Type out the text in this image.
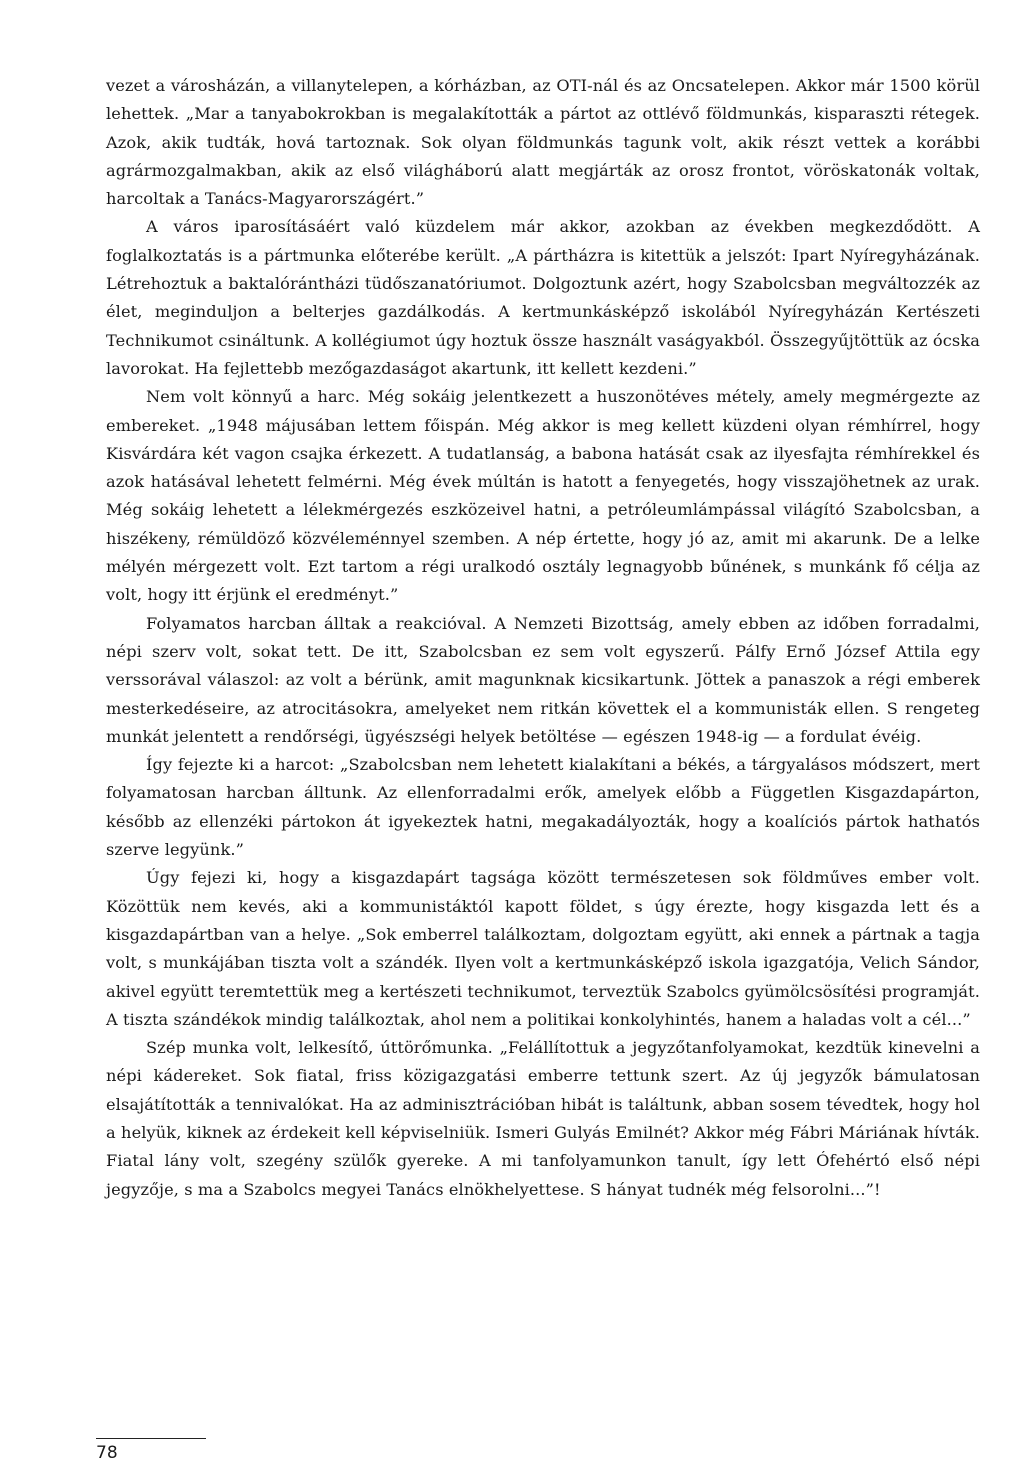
vezet a városházán, a villanytelepen, a kórházban, az OTI-nál és az Oncsatelepen. Akkor már 1500 körül lehettek. „Mar a tanyabokrokban is megalakították a pártot az ottlévő földmunkás, kisparaszti rétegek. Azok, akik tudták, hová tartoznak. Sok olyan földmunkás tagunk volt, akik részt vettek a korábbi agrármozgalmakban, akik az első világháború alatt megjárták az orosz frontot, vöröskatonák voltak, harcoltak a Tanács-Magyarországért.”

A város iparosításáért való küzdelem már akkor, azokban az években megkezdődött. A foglalkoztatás is a pártmunka előterébe került. „A pártházra is kitettük a jelszót: Ipart Nyíregyházának. Létrehoztuk a baktalórántházi tüdőszanatóriumot. Dolgoztunk azért, hogy Szabolcsban megváltozzék az élet, meginduljon a belterjes gazdálkodás. A kertmunkásképző iskolából Nyíregyházán Kertészeti Technikumot csináltunk. A kollégiumot úgy hoztuk össze használt vaságyakból. Összegyűjtöttük az ócska lavorokat. Ha fejlettebb mezőgazdaságot akartunk, itt kellett kezdeni.”

Nem volt könnyű a harc. Még sokáig jelentkezett a huszonötéves métely, amely megmérgezte az embereket. „1948 májusában lettem főispán. Még akkor is meg kellett küzdeni olyan rémhírrel, hogy Kisvárdára két vagon csajka érkezett. A tudatlanság, a babona hatását csak az ilyesfajta rémhírekkel és azok hatásával lehetett felmérni. Még évek múltán is hatott a fenyegetés, hogy visszajöhetnek az urak. Még sokáig lehetett a lélekmérgezés eszközeivel hatni, a petróleumlámpással világító Szabolcsban, a hiszékeny, rémüldöző közvéleménnyel szemben. A nép értette, hogy jó az, amit mi akarunk. De a lelke mélyén mérgezett volt. Ezt tartom a régi uralkodó osztály legnagyobb bűnének, s munkánk fő célja az volt, hogy itt érjünk el eredményt.”

Folyamatos harcban álltak a reakcióval. A Nemzeti Bizottság, amely ebben az időben forradalmi, népi szerv volt, sokat tett. De itt, Szabolcsban ez sem volt egyszerű. Pálfy Ernő József Attila egy verssorával válaszol: az volt a bérünk, amit magunknak kicsikartunk. Jöttek a panaszok a régi emberek mesterkedéseire, az atrocitásokra, amelyeket nem ritkán követtek el a kommunisták ellen. S rengeteg munkát jelentett a rendőrségi, ügyészségi helyek betöltése — egészen 1948-ig — a fordulat évéig.

Így fejezte ki a harcot: „Szabolcsban nem lehetett kialakítani a békés, a tárgyalásos módszert, mert folyamatosan harcban álltunk. Az ellenforradalmi erők, amelyek előbb a Független Kisgazdapárton, később az ellenzéki pártokon át igyekeztek hatni, megakadályozták, hogy a koalíciós pártok hathatós szerve legyünk.”

Úgy fejezi ki, hogy a kisgazdapárt tagsága között természetesen sok földműves ember volt. Közöttük nem kevés, aki a kommunistáktól kapott földet, s úgy érezte, hogy kisgazda lett és a kisgazdapártban van a helye. „Sok emberrel találkoztam, dolgoztam együtt, aki ennek a pártnak a tagja volt, s munkájában tiszta volt a szándék. Ilyen volt a kertmunkásképző iskola igazgatója, Velich Sándor, akivel együtt teremtettük meg a kertészeti technikumot, terveztük Szabolcs gyümölcsösítési programját. A tiszta szándékok mindig találkoztak, ahol nem a politikai konkolyhintés, hanem a haladas volt a cél...”

Szép munka volt, lelkesítő, úttörőmunka. „Felállítottuk a jegyzőtanfolyamokat, kezdtük kinevelni a népi kádereket. Sok fiatal, friss közigazgatási emberre tettunk szert. Az új jegyzők bámulatosan elsajátították a tennivalókat. Ha az adminisztrációban hibát is találtunk, abban sosem tévedtek, hogy hol a helyük, kiknek az érdekeit kell képviselniük. Ismeri Gulyás Emilnét? Akkor még Fábri Máriának hívták. Fiatal lány volt, szegény szülők gyereke. A mi tanfolyamunkon tanult, így lett Ófehértó első népi jegyzője, s ma a Szabolcs megyei Tanács elnökhelyettese. S hányat tudnék még felsorolni...”!

78
